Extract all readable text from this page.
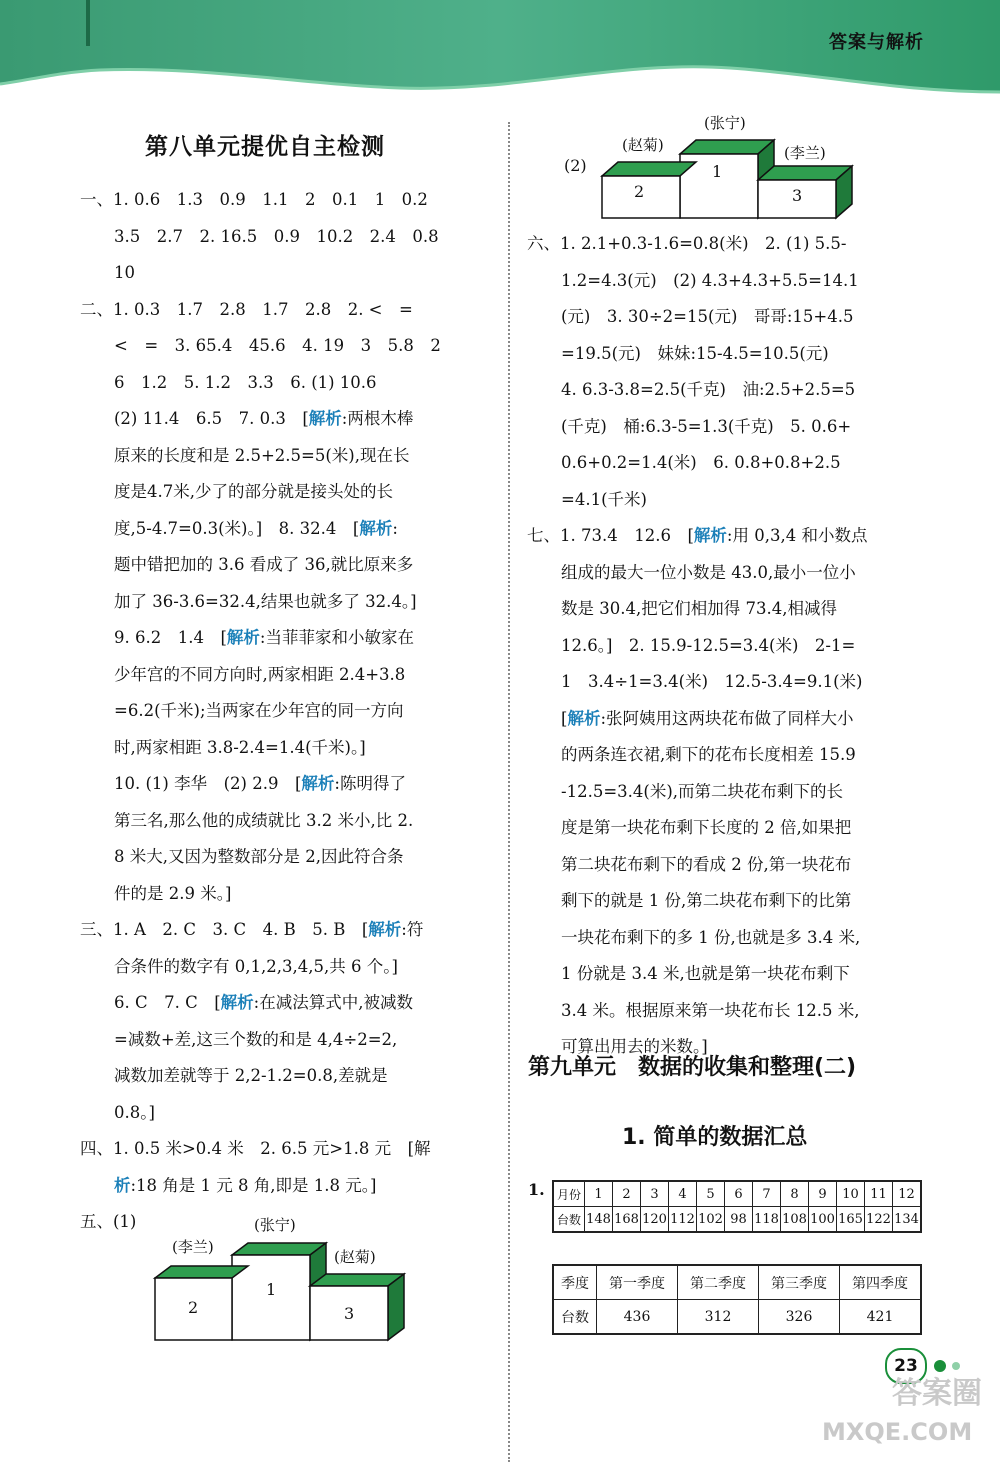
答案与解析
第八单元提优自主检测

一、1. 0.6　1.3　0.9　1.1　2　0.1　1　0.2

3.5　2.7　2. 16.5　0.9　10.2　2.4　0.8

10

二、1. 0.3　1.7　2.8　1.7　2.8　2. <　=

<　=　3. 65.4　45.6　4. 19　3　5.8　2

6　1.2　5. 1.2　3.3　6. (1) 10.6

(2) 11.4　6.5　7. 0.3　[解析:两根木棒

原来的长度和是 2.5+2.5=5(米),现在长

度是4.7米,少了的部分就是接头处的长

度,5-4.7=0.3(米)。]　8. 32.4　[解析:

题中错把加的 3.6 看成了 36,就比原来多

加了 36-3.6=32.4,结果也就多了 32.4。]

9. 6.2　1.4　[解析:当菲菲家和小敏家在

少年宫的不同方向时,两家相距 2.4+3.8

=6.2(千米);当两家在少年宫的同一方向

时,两家相距 3.8-2.4=1.4(千米)。]

10. (1) 李华　(2) 2.9　[解析:陈明得了

第三名,那么他的成绩就比 3.2 米小,比 2.

8 米大,又因为整数部分是 2,因此符合条

件的是 2.9 米。]

三、1. A　2. C　3. C　4. B　5. B　[解析:符

合条件的数字有 0,1,2,3,4,5,共 6 个。]

6. C　7. C　[解析:在减法算式中,被减数

=减数+差,这三个数的和是 4,4÷2=2,

减数加差就等于 2,2-1.2=0.8,差就是

0.8。]

四、1. 0.5 米>0.4 米　2. 6.5 元>1.8 元　[解

析:18 角是 1 元 8 角,即是 1.8 元。]

五、(1)	(张宁)
(李兰)
(赵菊)
1
2	3
(2)
(张宁)
(赵菊)	(李兰)
1
2	3

六、1. 2.1+0.3-1.6=0.8(米)　2. (1) 5.5-

1.2=4.3(元)　(2) 4.3+4.3+5.5=14.1

(元)　3. 30÷2=15(元)　哥哥:15+4.5

=19.5(元)　妹妹:15-4.5=10.5(元)

4. 6.3-3.8=2.5(千克)　油:2.5+2.5=5

(千克)　桶:6.3-5=1.3(千克)　5. 0.6+

0.6+0.2=1.4(米)　6. 0.8+0.8+2.5

=4.1(千米)

七、1. 73.4　12.6　[解析:用 0,3,4 和小数点

组成的最大一位小数是 43.0,最小一位小

数是 30.4,把它们相加得 73.4,相减得

12.6。]　2. 15.9-12.5=3.4(米)　2-1=

1　3.4÷1=3.4(米)　12.5-3.4=9.1(米)

[解析:张阿姨用这两块花布做了同样大小

的两条连衣裙,剩下的花布长度相差 15.9

-12.5=3.4(米),而第二块花布剩下的长

度是第一块花布剩下长度的 2 倍,如果把

第二块花布剩下的看成 2 份,第一块花布

剩下的就是 1 份,第二块花布剩下的比第

一块花布剩下的多 1 份,也就是多 3.4 米,

1 份就是 3.4 米,也就是第一块花布剩下

3.4 米。根据原来第一块花布长 12.5 米,

可算出用去的米数。]

第九单元　数据的收集和整理(二)
1. 简单的数据汇总
1. 月份	1	2	3	4	5	6	7	8	9	10	11	12
台数	148	168	120	112	102	98	118	108	100	165	122	134
季度	第一季度	第二季度	第三季度	第四季度
台数	436	312	326	421
23
答案圈
MXQE.COM
